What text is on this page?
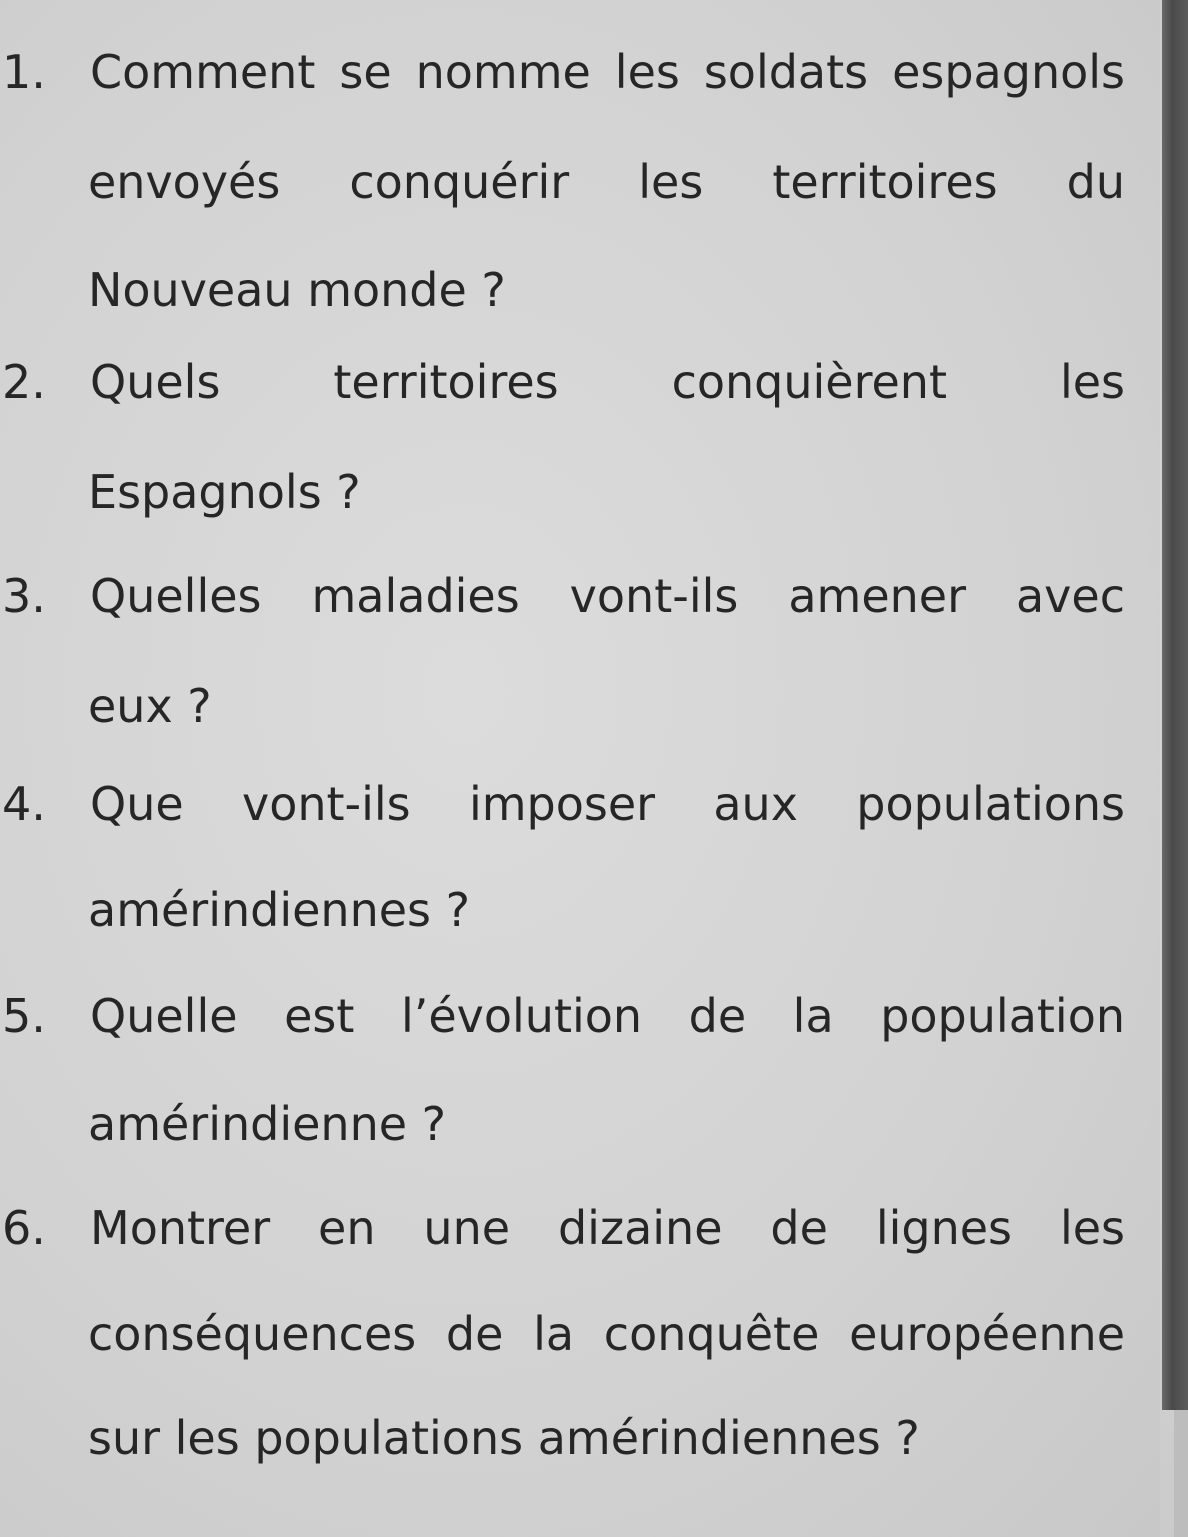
1. Comment se nomme les soldats espagnols
envoyés conquérir les territoires du
Nouveau monde ?
2. Quels territoires conquièrent les
Espagnols ?
3. Quelles maladies vont-ils amener avec
eux ?
4. Que vont-ils imposer aux populations
amérindiennes ?
5. Quelle est l’évolution de la population
amérindienne ?
6. Montrer en une dizaine de lignes les
conséquences de la conquête européenne
sur les populations amérindiennes ?
